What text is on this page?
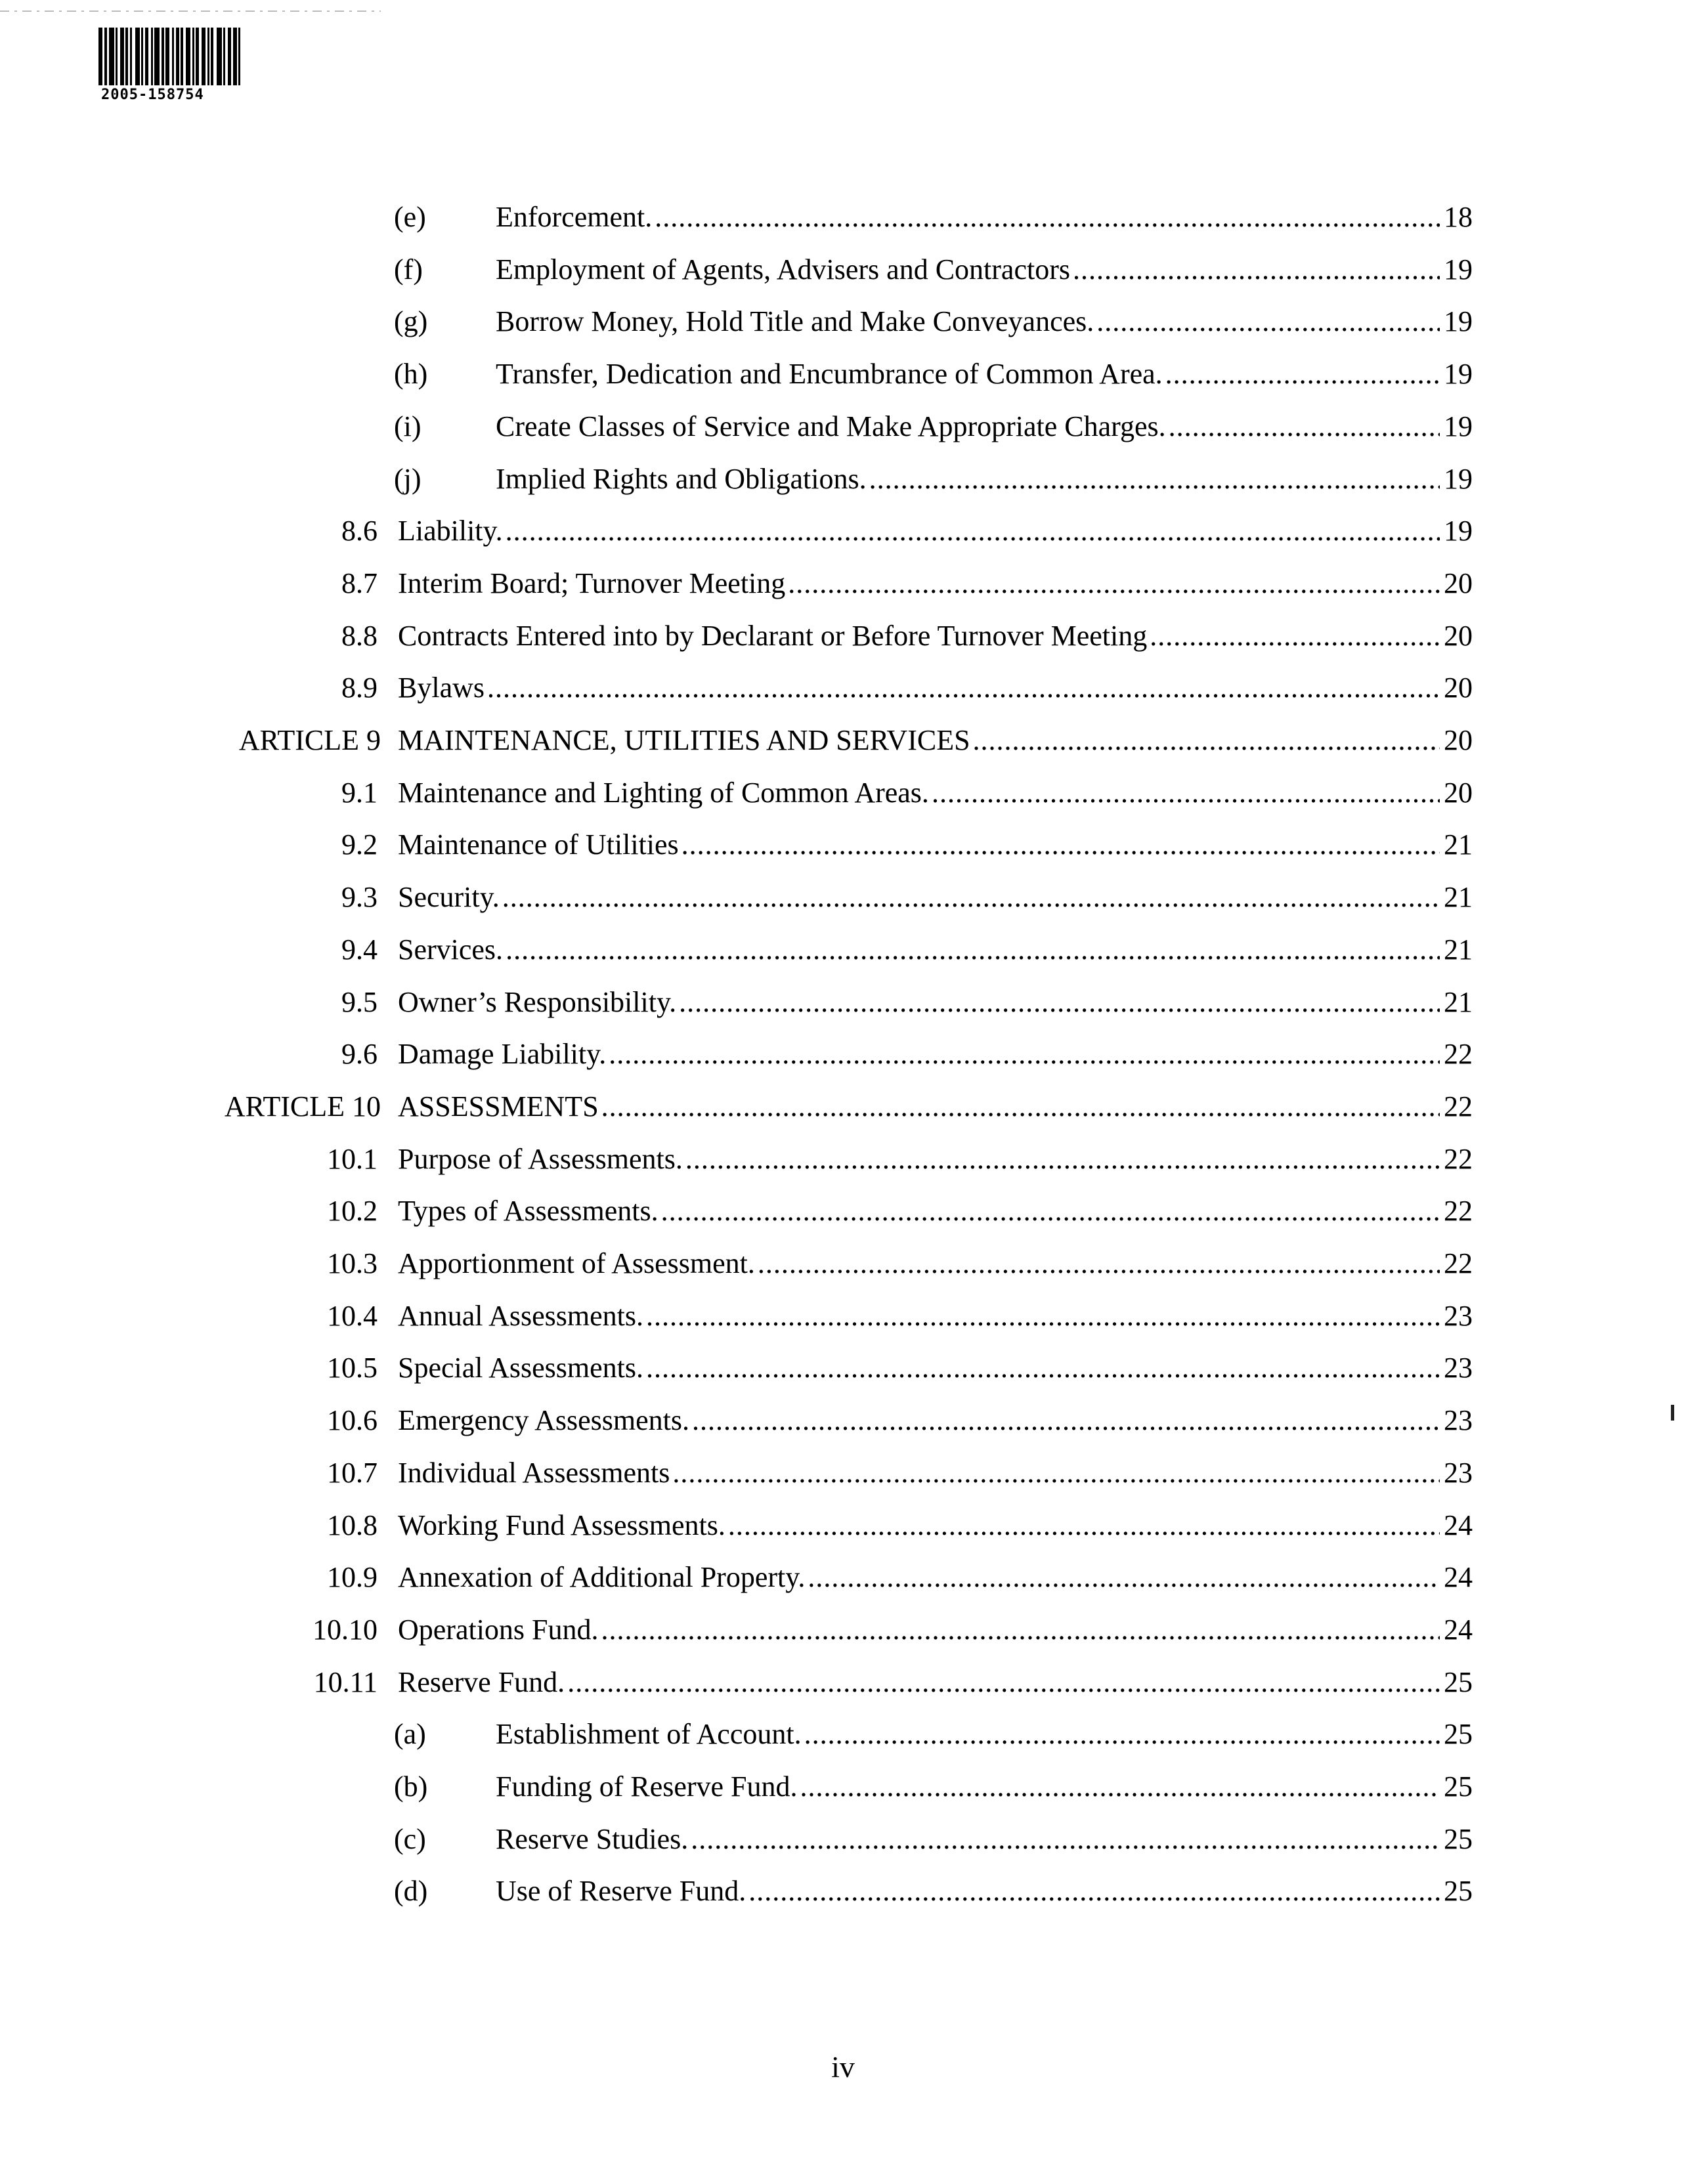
2005-158754
(e) Enforcement. .....	18
(f)	Employment of Agents, Advisers and Contractors .....	19
(g) Borrow Money, Hold Title and Make Conveyances. .....	19
(h) Transfer, Dedication and Encumbrance of Common Area. .....	19
(i)	Create Classes of Service and Make Appropriate Charges. .....	19
(j)	Implied Rights and Obligations. .....	19
8.6 Liability. .....	19
8.7 Interim Board; Turnover Meeting .....	20
8.8 Contracts Entered into by Declarant or Before Turnover Meeting .....	20
8.9 Bylaws .....	20
ARTICLE 9 MAINTENANCE, UTILITIES AND SERVICES .....	20
9.1 Maintenance and Lighting of Common Areas. .....	20
9.2 Maintenance of Utilities .....	21
9.3 Security. .....	21
9.4 Services. .....	21
9.5 Owner’s Responsibility. .....	21
9.6 Damage Liability. .....	22
ARTICLE 10 ASSESSMENTS .....	22
10.1 Purpose of Assessments. .....	22
10.2 Types of Assessments. .....	22
10.3 Apportionment of Assessment. .....	22
10.4 Annual Assessments. .....	23
10.5 Special Assessments. .....	23
10.6 Emergency Assessments. .....	23
10.7 Individual Assessments .....	23
10.8 Working Fund Assessments. .....	24
10.9 Annexation of Additional Property. .....	24
10.10 Operations Fund. .....	24
10.11 Reserve Fund. .....	25
(a) Establishment of Account. .....	25
(b) Funding of Reserve Fund. .....	25
(c) Reserve Studies. .....	25
(d) Use of Reserve Fund. .....	25
iv
